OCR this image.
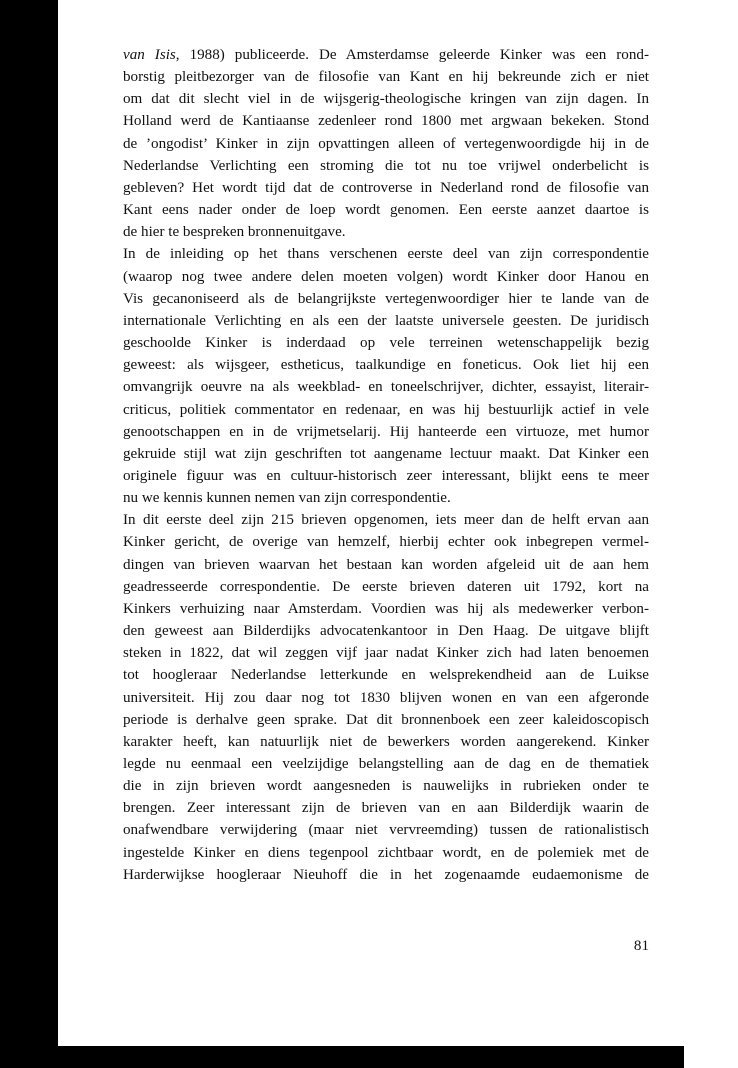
van Isis, 1988) publiceerde. De Amsterdamse geleerde Kinker was een rond-
borstig pleitbezorger van de filosofie van Kant en hij bekreunde zich er niet
om dat dit slecht viel in de wijsgerig-theologische kringen van zijn dagen. In
Holland werd de Kantiaanse zedenleer rond 1800 met argwaan bekeken. Stond
de ’ongodist’ Kinker in zijn opvattingen alleen of vertegenwoordigde hij in de
Nederlandse Verlichting een stroming die tot nu toe vrijwel onderbelicht is
gebleven? Het wordt tijd dat de controverse in Nederland rond de filosofie van
Kant eens nader onder de loep wordt genomen. Een eerste aanzet daartoe is
de hier te bespreken bronnenuitgave.
In de inleiding op het thans verschenen eerste deel van zijn correspondentie
(waarop nog twee andere delen moeten volgen) wordt Kinker door Hanou en
Vis gecanoniseerd als de belangrijkste vertegenwoordiger hier te lande van de
internationale Verlichting en als een der laatste universele geesten. De juridisch
geschoolde Kinker is inderdaad op vele terreinen wetenschappelijk bezig
geweest: als wijsgeer, estheticus, taalkundige en foneticus. Ook liet hij een
omvangrijk oeuvre na als weekblad- en toneelschrijver, dichter, essayist, literair-
criticus, politiek commentator en redenaar, en was hij bestuurlijk actief in vele
genootschappen en in de vrijmetselarij. Hij hanteerde een virtuoze, met humor
gekruide stijl wat zijn geschriften tot aangename lectuur maakt. Dat Kinker een
originele figuur was en cultuur-historisch zeer interessant, blijkt eens te meer
nu we kennis kunnen nemen van zijn correspondentie.
In dit eerste deel zijn 215 brieven opgenomen, iets meer dan de helft ervan aan
Kinker gericht, de overige van hemzelf, hierbij echter ook inbegrepen vermel-
dingen van brieven waarvan het bestaan kan worden afgeleid uit de aan hem
geadresseerde correspondentie. De eerste brieven dateren uit 1792, kort na
Kinkers verhuizing naar Amsterdam. Voordien was hij als medewerker verbon-
den geweest aan Bilderdijks advocatenkantoor in Den Haag. De uitgave blijft
steken in 1822, dat wil zeggen vijf jaar nadat Kinker zich had laten benoemen
tot hoogleraar Nederlandse letterkunde en welsprekendheid aan de Luikse
universiteit. Hij zou daar nog tot 1830 blijven wonen en van een afgeronde
periode is derhalve geen sprake. Dat dit bronnenboek een zeer kaleidoscopisch
karakter heeft, kan natuurlijk niet de bewerkers worden aangerekend. Kinker
legde nu eenmaal een veelzijdige belangstelling aan de dag en de thematiek
die in zijn brieven wordt aangesneden is nauwelijks in rubrieken onder te
brengen. Zeer interessant zijn de brieven van en aan Bilderdijk waarin de
onafwendbare verwijdering (maar niet vervreemding) tussen de rationalistisch
ingestelde Kinker en diens tegenpool zichtbaar wordt, en de polemiek met de
Harderwijkse hoogleraar Nieuhoff die in het zogenaamde eudaemonisme de
81
